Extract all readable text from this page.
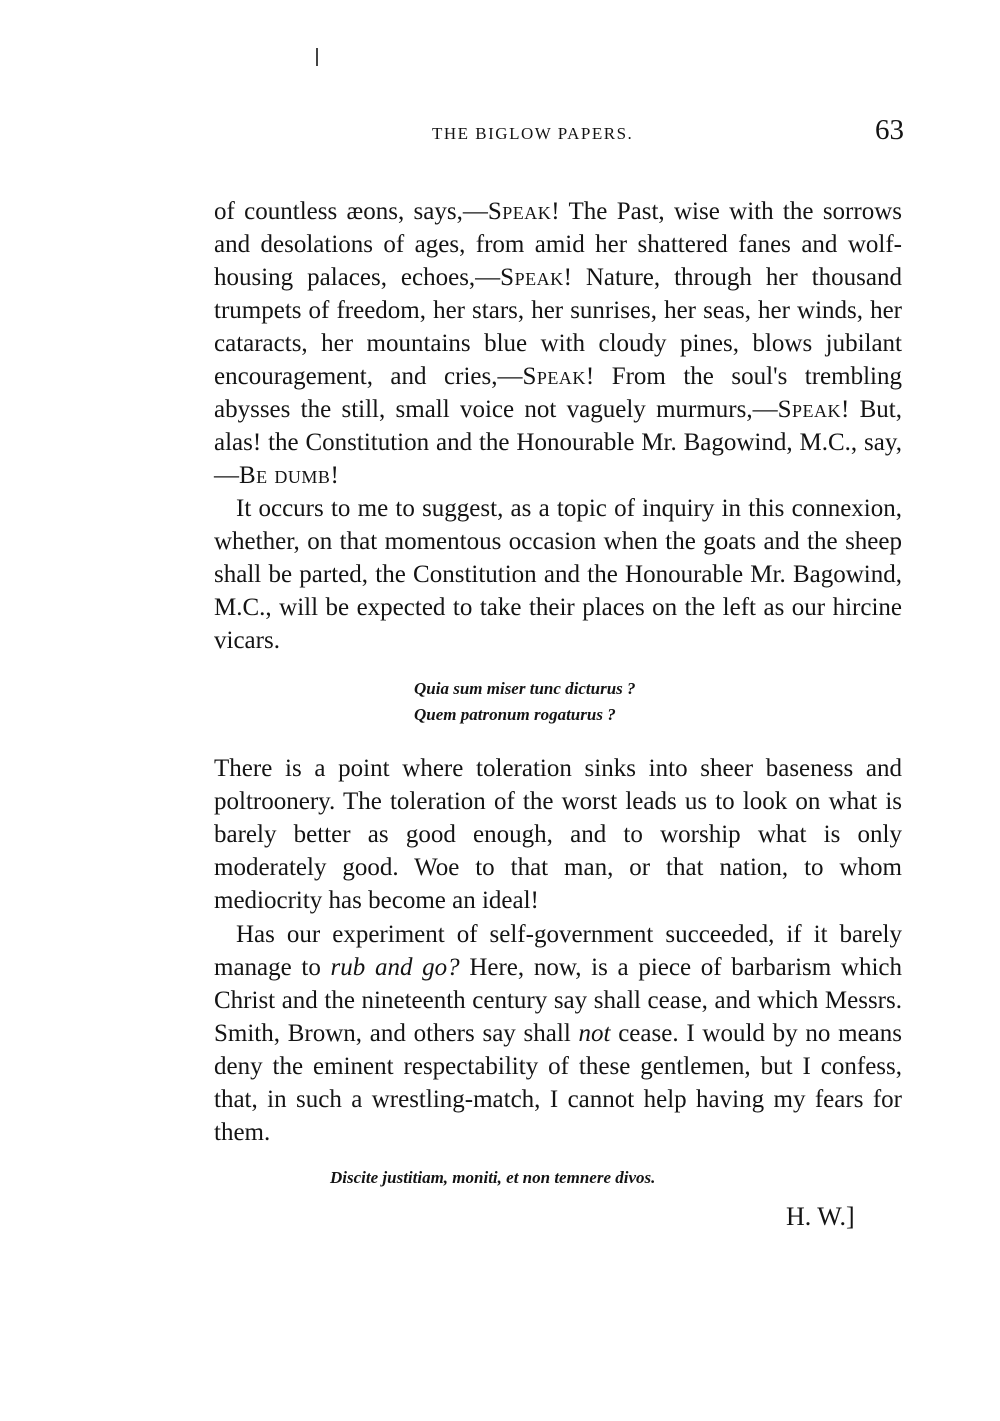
THE BIGLOW PAPERS.	63

of countless æons, says,—Speak! The Past, wise with the sorrows and desolations of ages, from amid her shattered fanes and wolf-housing palaces, echoes,—Speak! Nature, through her thousand trumpets of freedom, her stars, her sunrises, her seas, her winds, her cataracts, her mountains blue with cloudy pines, blows jubilant encouragement, and cries,—Speak! From the soul's trembling abysses the still, small voice not vaguely murmurs,—Speak! But, alas! the Constitution and the Honourable Mr. Bagowind, M.C., say,—Be dumb!

It occurs to me to suggest, as a topic of inquiry in this connexion, whether, on that momentous occasion when the goats and the sheep shall be parted, the Constitution and the Honourable Mr. Bagowind, M.C., will be expected to take their places on the left as our hircine vicars.

Quia sum miser tunc dicturus ?
Quem patronum rogaturus ?

There is a point where toleration sinks into sheer baseness and poltroonery. The toleration of the worst leads us to look on what is barely better as good enough, and to worship what is only moderately good. Woe to that man, or that nation, to whom mediocrity has become an ideal!

Has our experiment of self-government succeeded, if it barely manage to rub and go? Here, now, is a piece of barbarism which Christ and the nineteenth century say shall cease, and which Messrs. Smith, Brown, and others say shall not cease. I would by no means deny the eminent respectability of these gentlemen, but I confess, that, in such a wrestling-match, I cannot help having my fears for them.

Discite justitiam, moniti, et non temnere divos.
H. W.]
